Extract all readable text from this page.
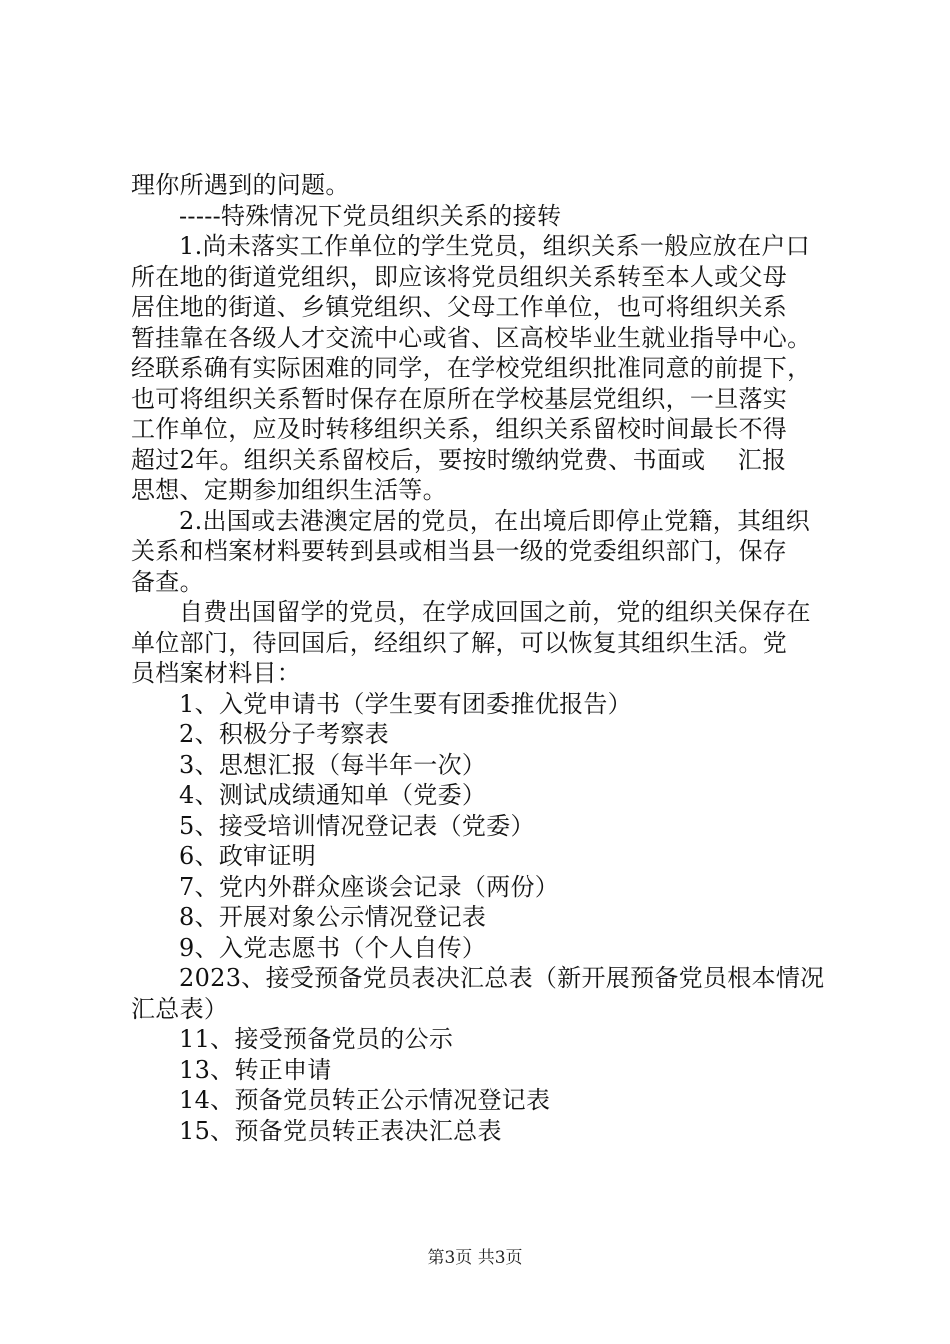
理你所遇到的问题。
-----特殊情况下党员组织关系的接转
1.尚未落实工作单位的学生党员，组织关系一般应放在户口
所在地的街道党组织，即应该将党员组织关系转至本人或父母
居住地的街道、乡镇党组织、父母工作单位，也可将组织关系
暂挂靠在各级人才交流中心或省、区高校毕业生就业指导中心。
经联系确有实际困难的同学，在学校党组织批准同意的前提下，
也可将组织关系暂时保存在原所在学校基层党组织，一旦落实
工作单位，应及时转移组织关系，组织关系留校时间最长不得
超过2年。组织关系留校后，要按时缴纳党费、书面或　 汇报
思想、定期参加组织生活等。
2.出国或去港澳定居的党员，在出境后即停止党籍，其组织
关系和档案材料要转到县或相当县一级的党委组织部门，保存
备查。
自费出国留学的党员，在学成回国之前，党的组织关保存在
单位部门，待回国后，经组织了解，可以恢复其组织生活。党
员档案材料目：
1、入党申请书（学生要有团委推优报告）
2、积极分子考察表
3、思想汇报（每半年一次）
4、测试成绩通知单（党委）
5、接受培训情况登记表（党委）
6、政审证明
7、党内外群众座谈会记录（两份）
8、开展对象公示情况登记表
9、入党志愿书（个人自传）
2023、接受预备党员表决汇总表（新开展预备党员根本情况
汇总表）
11、接受预备党员的公示
13、转正申请
14、预备党员转正公示情况登记表
15、预备党员转正表决汇总表
第3页 共3页
